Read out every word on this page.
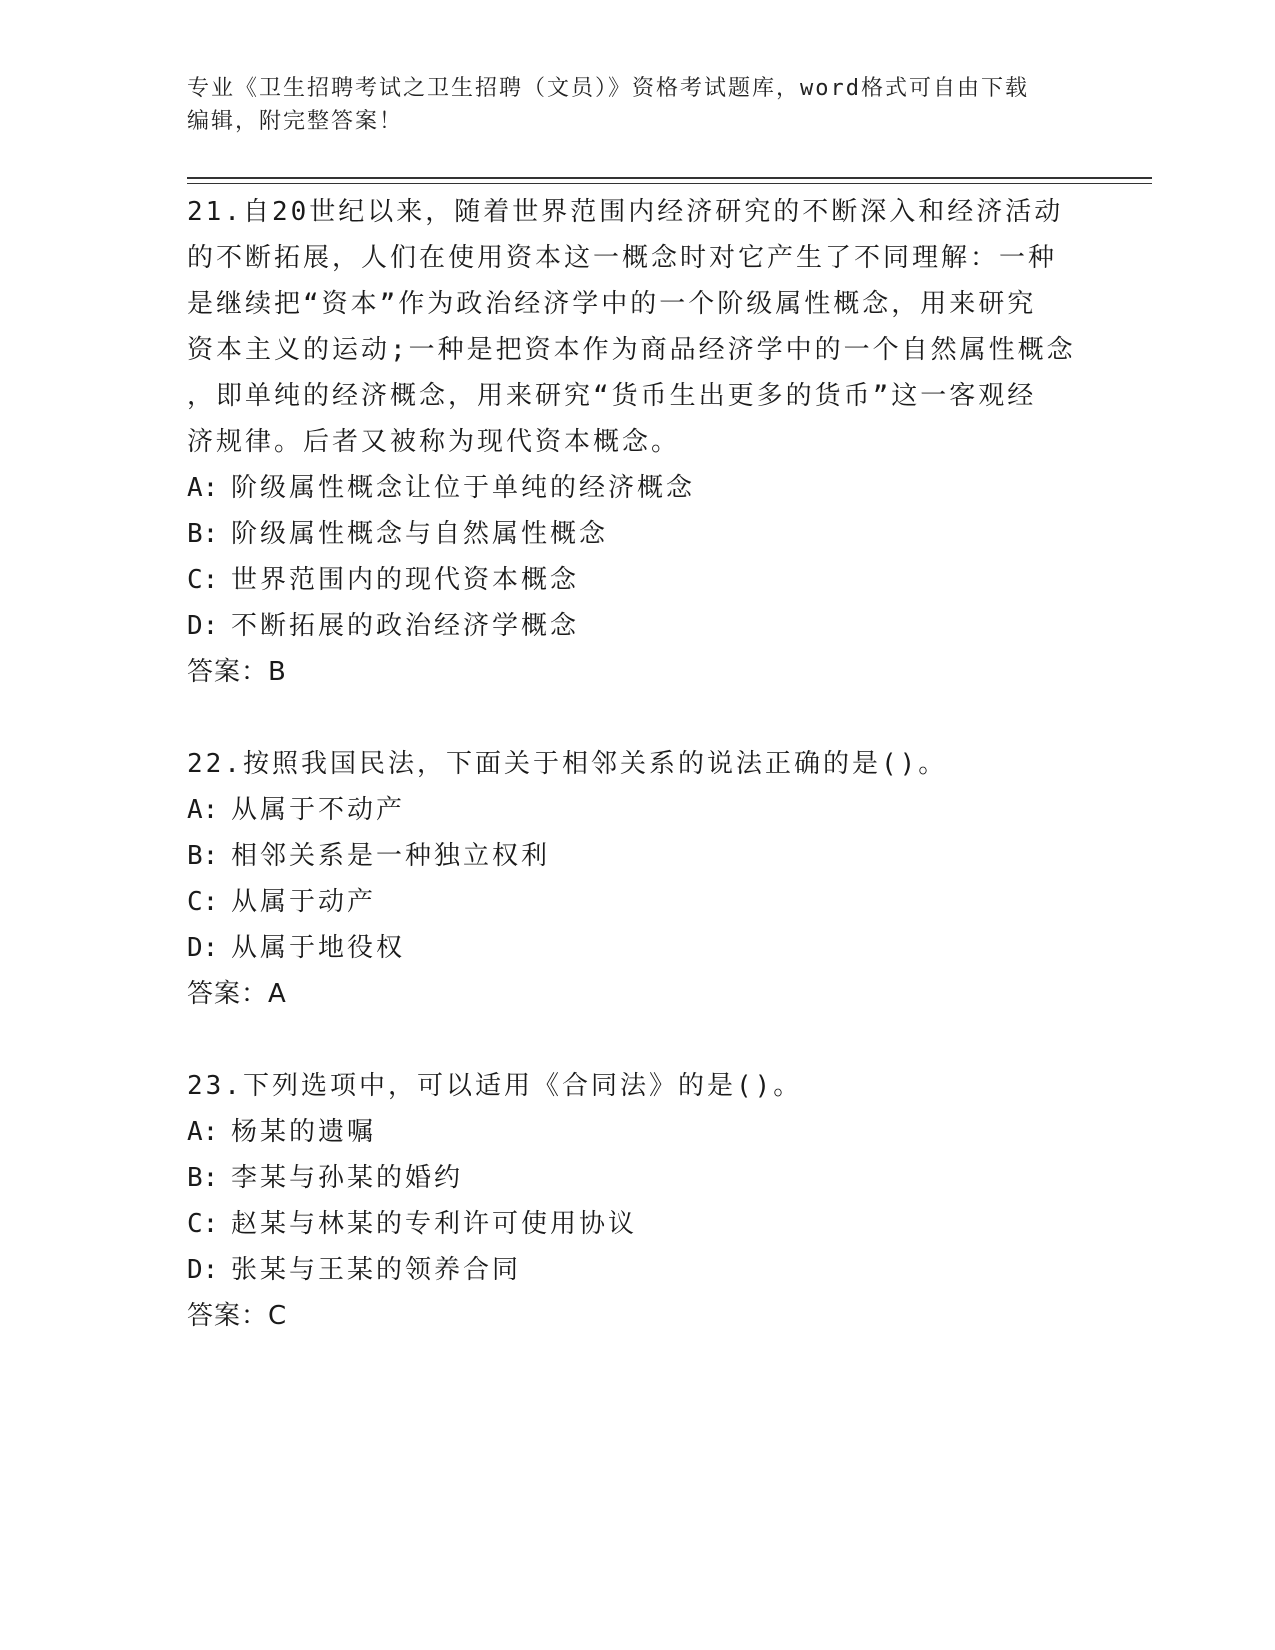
专业《卫生招聘考试之卫生招聘（文员）》资格考试题库，word格式可自由下载
编辑，附完整答案！
21.自20世纪以来，随着世界范围内经济研究的不断深入和经济活动
的不断拓展，人们在使用资本这一概念时对它产生了不同理解：一种
是继续把“资本”作为政治经济学中的一个阶级属性概念，用来研究
资本主义的运动;一种是把资本作为商品经济学中的一个自然属性概念
，即单纯的经济概念，用来研究“货币生出更多的货币”这一客观经
济规律。后者又被称为现代资本概念。
A: 阶级属性概念让位于单纯的经济概念
B: 阶级属性概念与自然属性概念
C: 世界范围内的现代资本概念
D: 不断拓展的政治经济学概念
答案：B
22.按照我国民法，下面关于相邻关系的说法正确的是()。
A: 从属于不动产
B: 相邻关系是一种独立权利
C: 从属于动产
D: 从属于地役权
答案：A
23.下列选项中，可以适用《合同法》的是()。
A: 杨某的遗嘱
B: 李某与孙某的婚约
C: 赵某与林某的专利许可使用协议
D: 张某与王某的领养合同
答案：C
